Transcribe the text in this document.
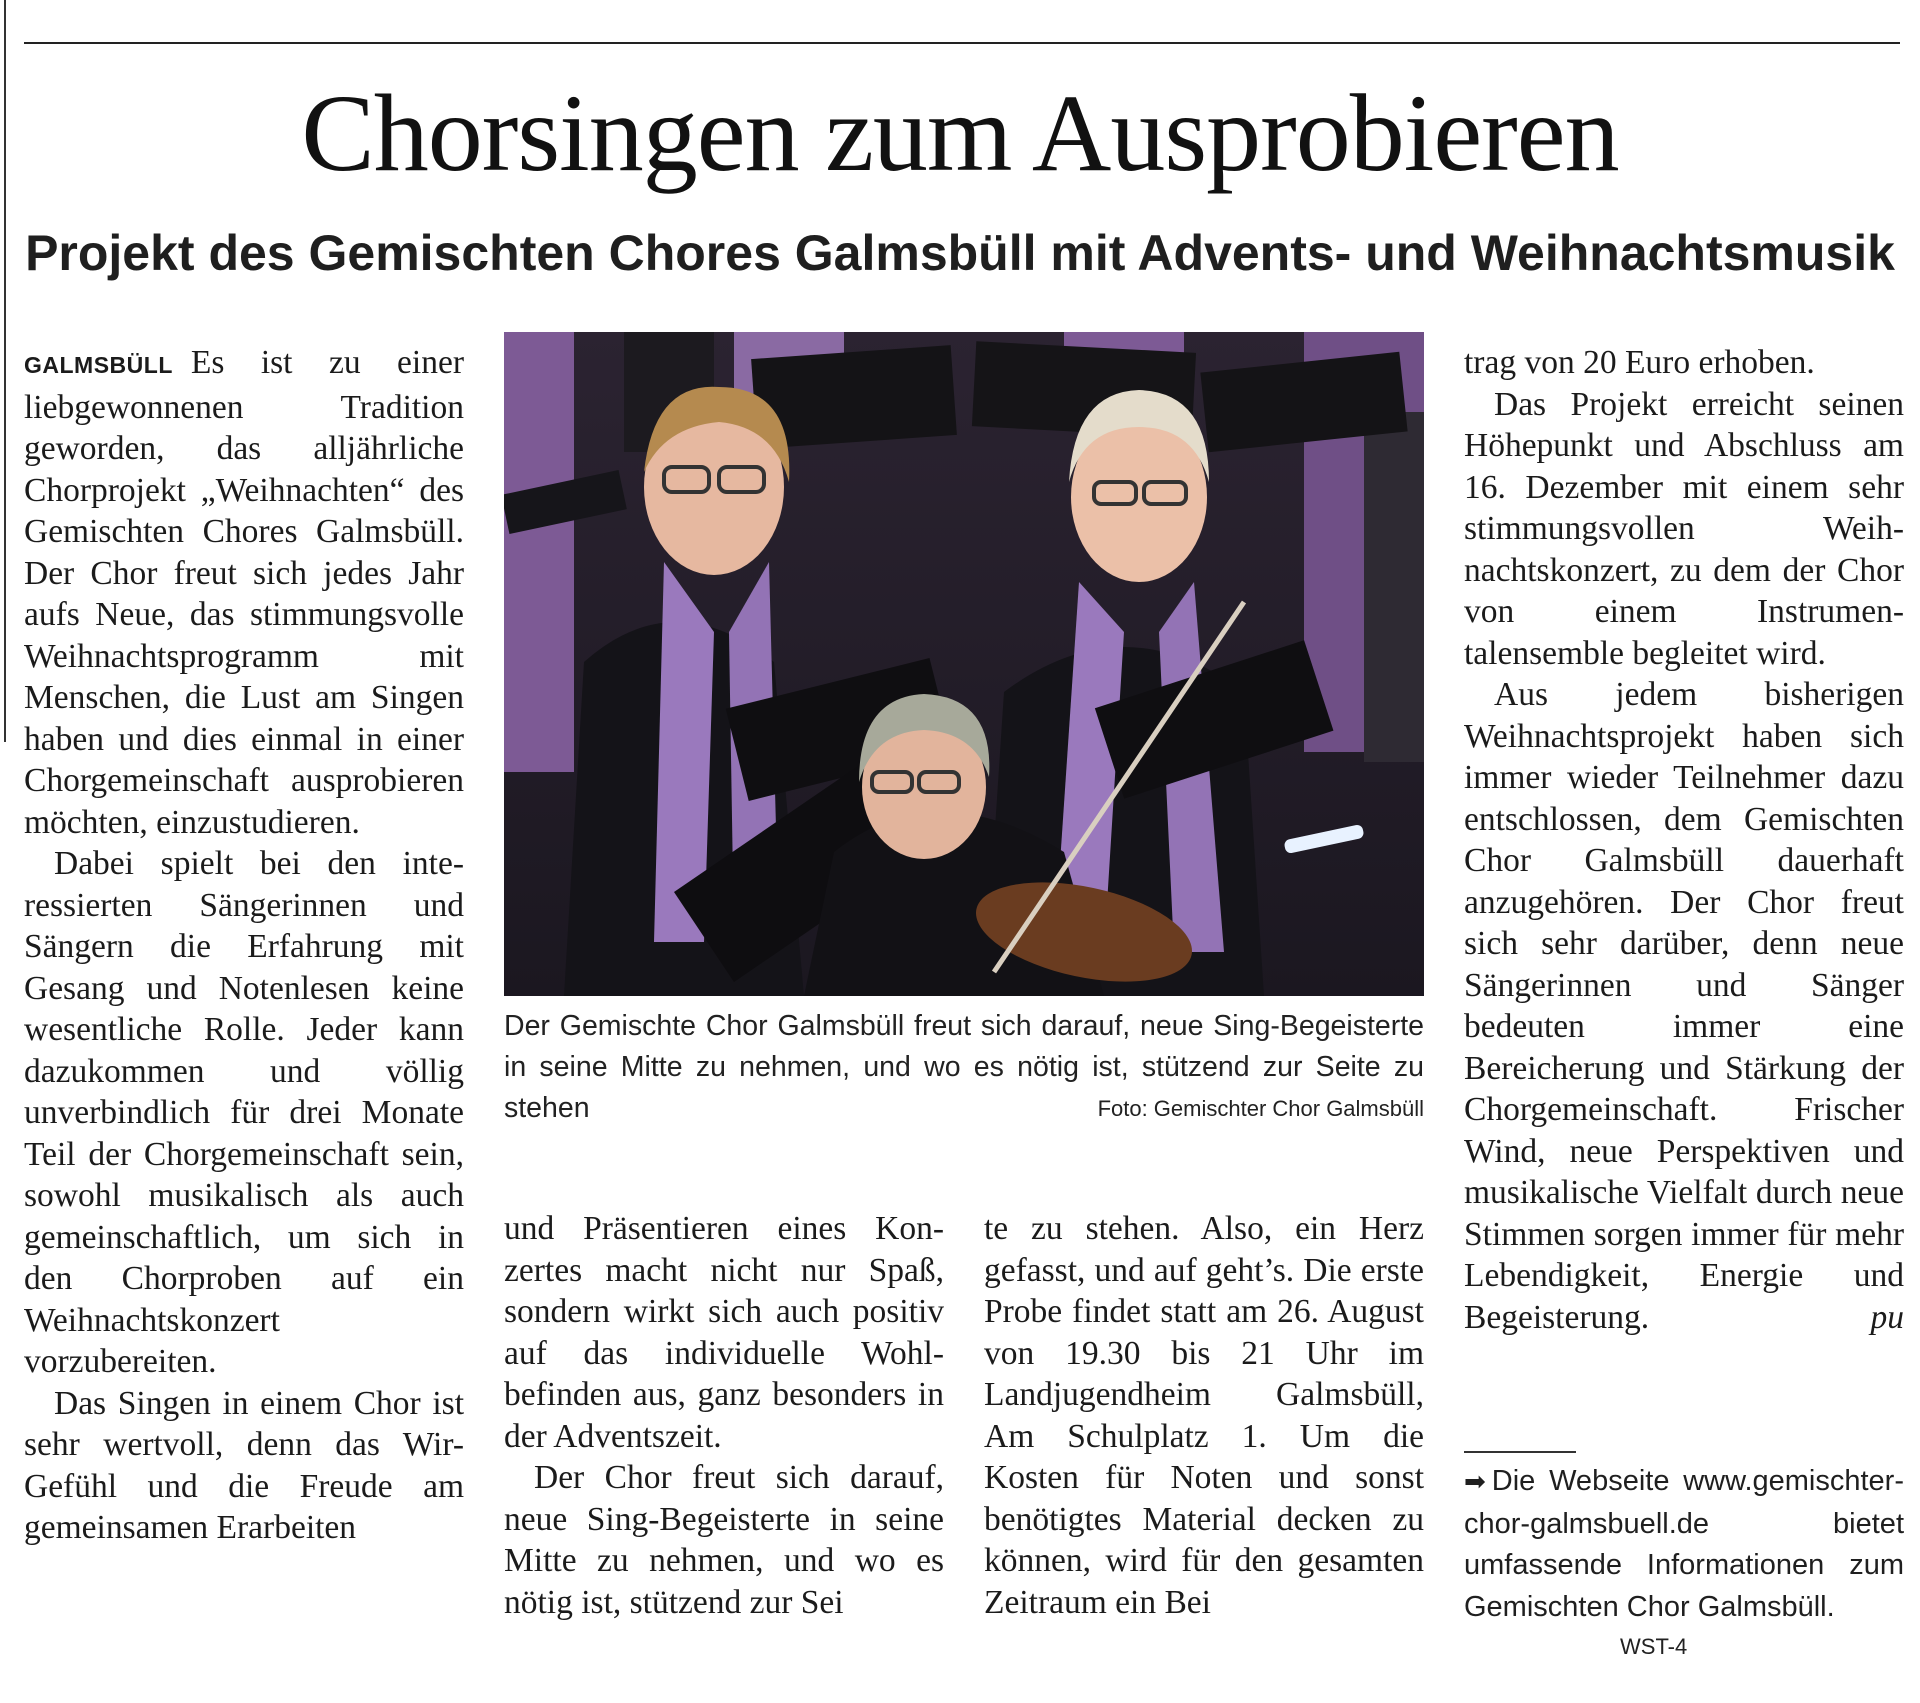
Chorsingen zum Ausprobieren
Projekt des Gemischten Chores Galmsbüll mit Advents- und Weihnachtsmusik

GALMSBÜLL Es ist zu einer liebgewonnenen Tradition geworden, das alljährliche Chorprojekt „Weihnachten“ des Gemischten Chores Galmsbüll. Der Chor freut sich jedes Jahr aufs Neue, das stimmungsvolle Weihnachtsprogramm mit Menschen, die Lust am Singen haben und dies einmal in einer Chorgemeinschaft ausprobieren möchten, einzustudieren.

Dabei spielt bei den interessierten Sängerinnen und Sängern die Erfahrung mit Gesang und Notenlesen keine wesentliche Rolle. Jeder kann dazukommen und völlig unverbindlich für drei Monate Teil der Chorgemeinschaft sein, sowohl musikalisch als auch gemeinschaftlich, um sich in den Chorproben auf ein Weihnachtskonzert vorzubereiten.

Das Singen in einem Chor ist sehr wertvoll, denn das Wir-Gefühl und die Freude am gemeinsamen Erarbeiten

Der Gemischte Chor Galmsbüll freut sich darauf, neue Sing-Begeisterte in seine Mitte zu nehmen, und wo es nötig ist, stützend zur Seite zu stehen	Foto: Gemischter Chor Galmsbüll

und Präsentieren eines Konzertes macht nicht nur Spaß, sondern wirkt sich auch positiv auf das individuelle Wohlbefinden aus, ganz besonders in der Adventszeit.

Der Chor freut sich darauf, neue Sing-Begeisterte in seine Mitte zu nehmen, und wo es nötig ist, stützend zur Sei

te zu stehen. Also, ein Herz gefasst, und auf geht’s. Die erste Probe findet statt am 26. August von 19.30 bis 21 Uhr im Landjugendheim Galmsbüll, Am Schulplatz 1. Um die Kosten für Noten und sonst benötigtes Material decken zu können, wird für den gesamten Zeitraum ein Bei

trag von 20 Euro erhoben.

Das Projekt erreicht seinen Höhepunkt und Abschluss am 16. Dezember mit einem sehr stimmungsvollen Weihnachtskonzert, zu dem der Chor von einem Instrumentalensemble begleitet wird.

Aus jedem bisherigen Weihnachtsprojekt haben sich immer wieder Teilnehmer dazu entschlossen, dem Gemischten Chor Galmsbüll dauerhaft anzugehören. Der Chor freut sich sehr darüber, denn neue Sängerinnen und Sänger bedeuten immer eine Bereicherung und Stärkung der Chorgemeinschaft. Frischer Wind, neue Perspektiven und musikalische Vielfalt durch neue Stimmen sorgen immer für mehr Lebendigkeit, Energie und Begeisterung.	pu

➡ Die Webseite www.gemischter-chor-galmsbuell.de bietet umfassende Informationen zum Gemischten Chor Galmsbüll.

WST-4
